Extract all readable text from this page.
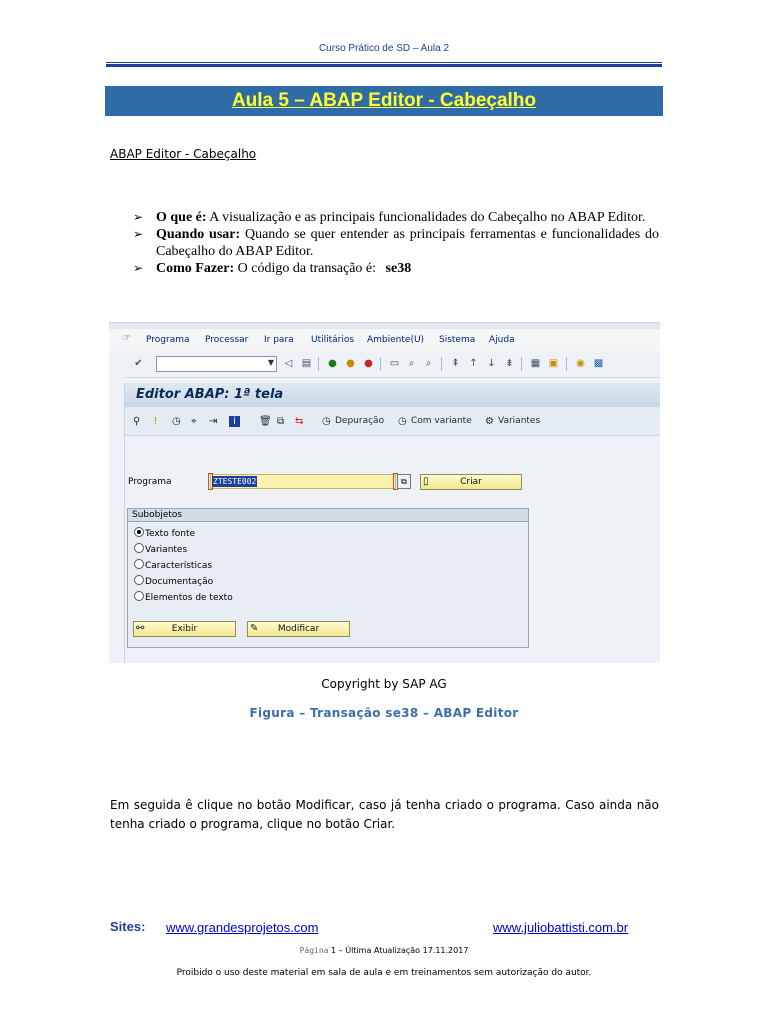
Curso Prático de SD – Aula 2
Aula 5 – ABAP Editor - Cabeçalho
ABAP Editor - Cabeçalho
➢ O que é: A visualização e as principais funcionalidades do Cabeçalho no ABAP Editor.
➢ Quando usar: Quando se quer entender as principais ferramentas e funcionalidades do Cabeçalho do ABAP Editor.
➢ Como Fazer: O código da transação é: se38
☞ Programa Processar Ir para Utilitários Ambiente(U) Sistema Ajuda
✔	▼ ◁ ▤ ● ● ● ▭ ⌕ ⌕ ⇞ ↑ ↓ ⇟ ▦ ▣ ◉ ▩
Editor ABAP: 1ª tela
⚲ ǃ ◷ ⌖ ⇥	i	🗑 ⧉ ⇆ ◷ Depuração ◷ Com variante ⚙ Variantes
Programa	ZTESTE002	⧉	▯	Criar
Subobjetos
Texto fonte
Variantes
Características
Documentação
Elementos de texto
⚯	Exibir	✎	Modificar
Copyright by SAP AG
Figura – Transação se38 – ABAP Editor
Em seguida ê clique no botão Modificar, caso já tenha criado o programa. Caso ainda não tenha criado o programa, clique no botão Criar.
Sites: www.grandesprojetos.com	www.juliobattisti.com.br
Página 1 – Última Atualização 17.11.2017
Proibido o uso deste material em sala de aula e em treinamentos sem autorização do autor.
